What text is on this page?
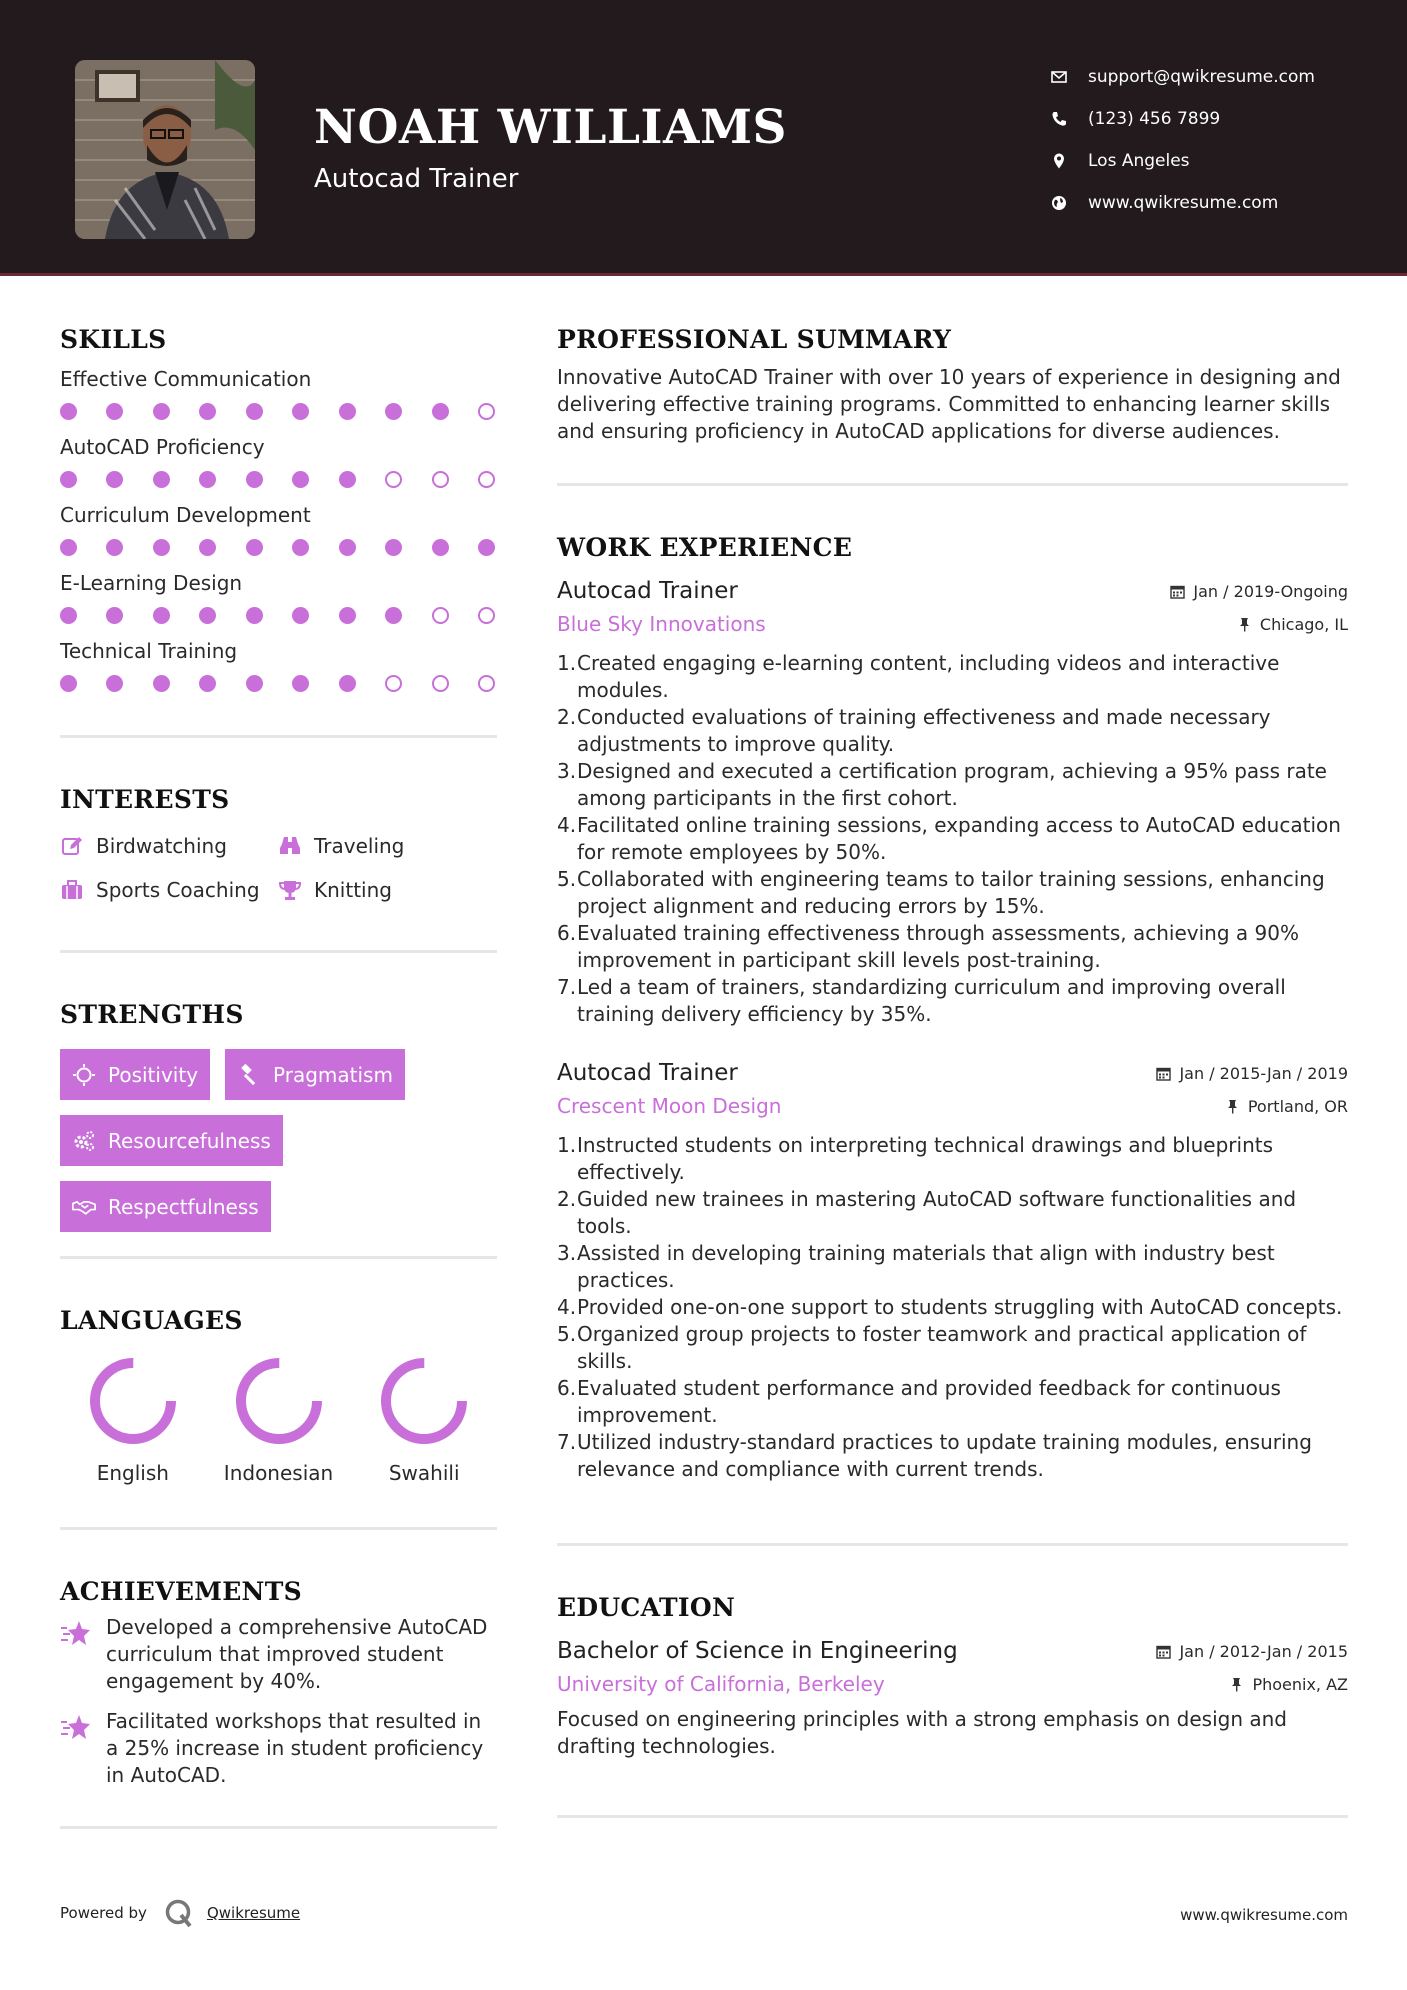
NOAH WILLIAMS
Autocad Trainer
support@qwikresume.com
(123) 456 7899
Los Angeles
www.qwikresume.com
SKILLS
Effective Communication
AutoCAD Proficiency
Curriculum Development
E-Learning Design
Technical Training
INTERESTS
Birdwatching	Traveling
Sports Coaching	Knitting
STRENGTHS
Positivity	Pragmatism
Resourcefulness
Respectfulness
LANGUAGES
English	Indonesian	Swahili
ACHIEVEMENTS
Developed a comprehensive AutoCAD curriculum that improved student engagement by 40%.
Facilitated workshops that resulted in a 25% increase in student proficiency in AutoCAD.
PROFESSIONAL SUMMARY
Innovative AutoCAD Trainer with over 10 years of experience in designing and delivering effective training programs. Committed to enhancing learner skills and ensuring proficiency in AutoCAD applications for diverse audiences.
WORK EXPERIENCE
Autocad Trainer	Jan / 2019-Ongoing
Blue Sky Innovations	Chicago, IL
1. Created engaging e-learning content, including videos and interactive modules.
2. Conducted evaluations of training effectiveness and made necessary adjustments to improve quality.
3. Designed and executed a certification program, achieving a 95% pass rate among participants in the first cohort.
4. Facilitated online training sessions, expanding access to AutoCAD education for remote employees by 50%.
5. Collaborated with engineering teams to tailor training sessions, enhancing project alignment and reducing errors by 15%.
6. Evaluated training effectiveness through assessments, achieving a 90% improvement in participant skill levels post-training.
7. Led a team of trainers, standardizing curriculum and improving overall training delivery efficiency by 35%.
Autocad Trainer	Jan / 2015-Jan / 2019
Crescent Moon Design	Portland, OR
1. Instructed students on interpreting technical drawings and blueprints effectively.
2. Guided new trainees in mastering AutoCAD software functionalities and tools.
3. Assisted in developing training materials that align with industry best practices.
4. Provided one-on-one support to students struggling with AutoCAD concepts.
5. Organized group projects to foster teamwork and practical application of skills.
6. Evaluated student performance and provided feedback for continuous improvement.
7. Utilized industry-standard practices to update training modules, ensuring relevance and compliance with current trends.
EDUCATION
Bachelor of Science in Engineering	Jan / 2012-Jan / 2015
University of California, Berkeley	Phoenix, AZ
Focused on engineering principles with a strong emphasis on design and drafting technologies.
Powered by	Qwikresume	www.qwikresume.com
